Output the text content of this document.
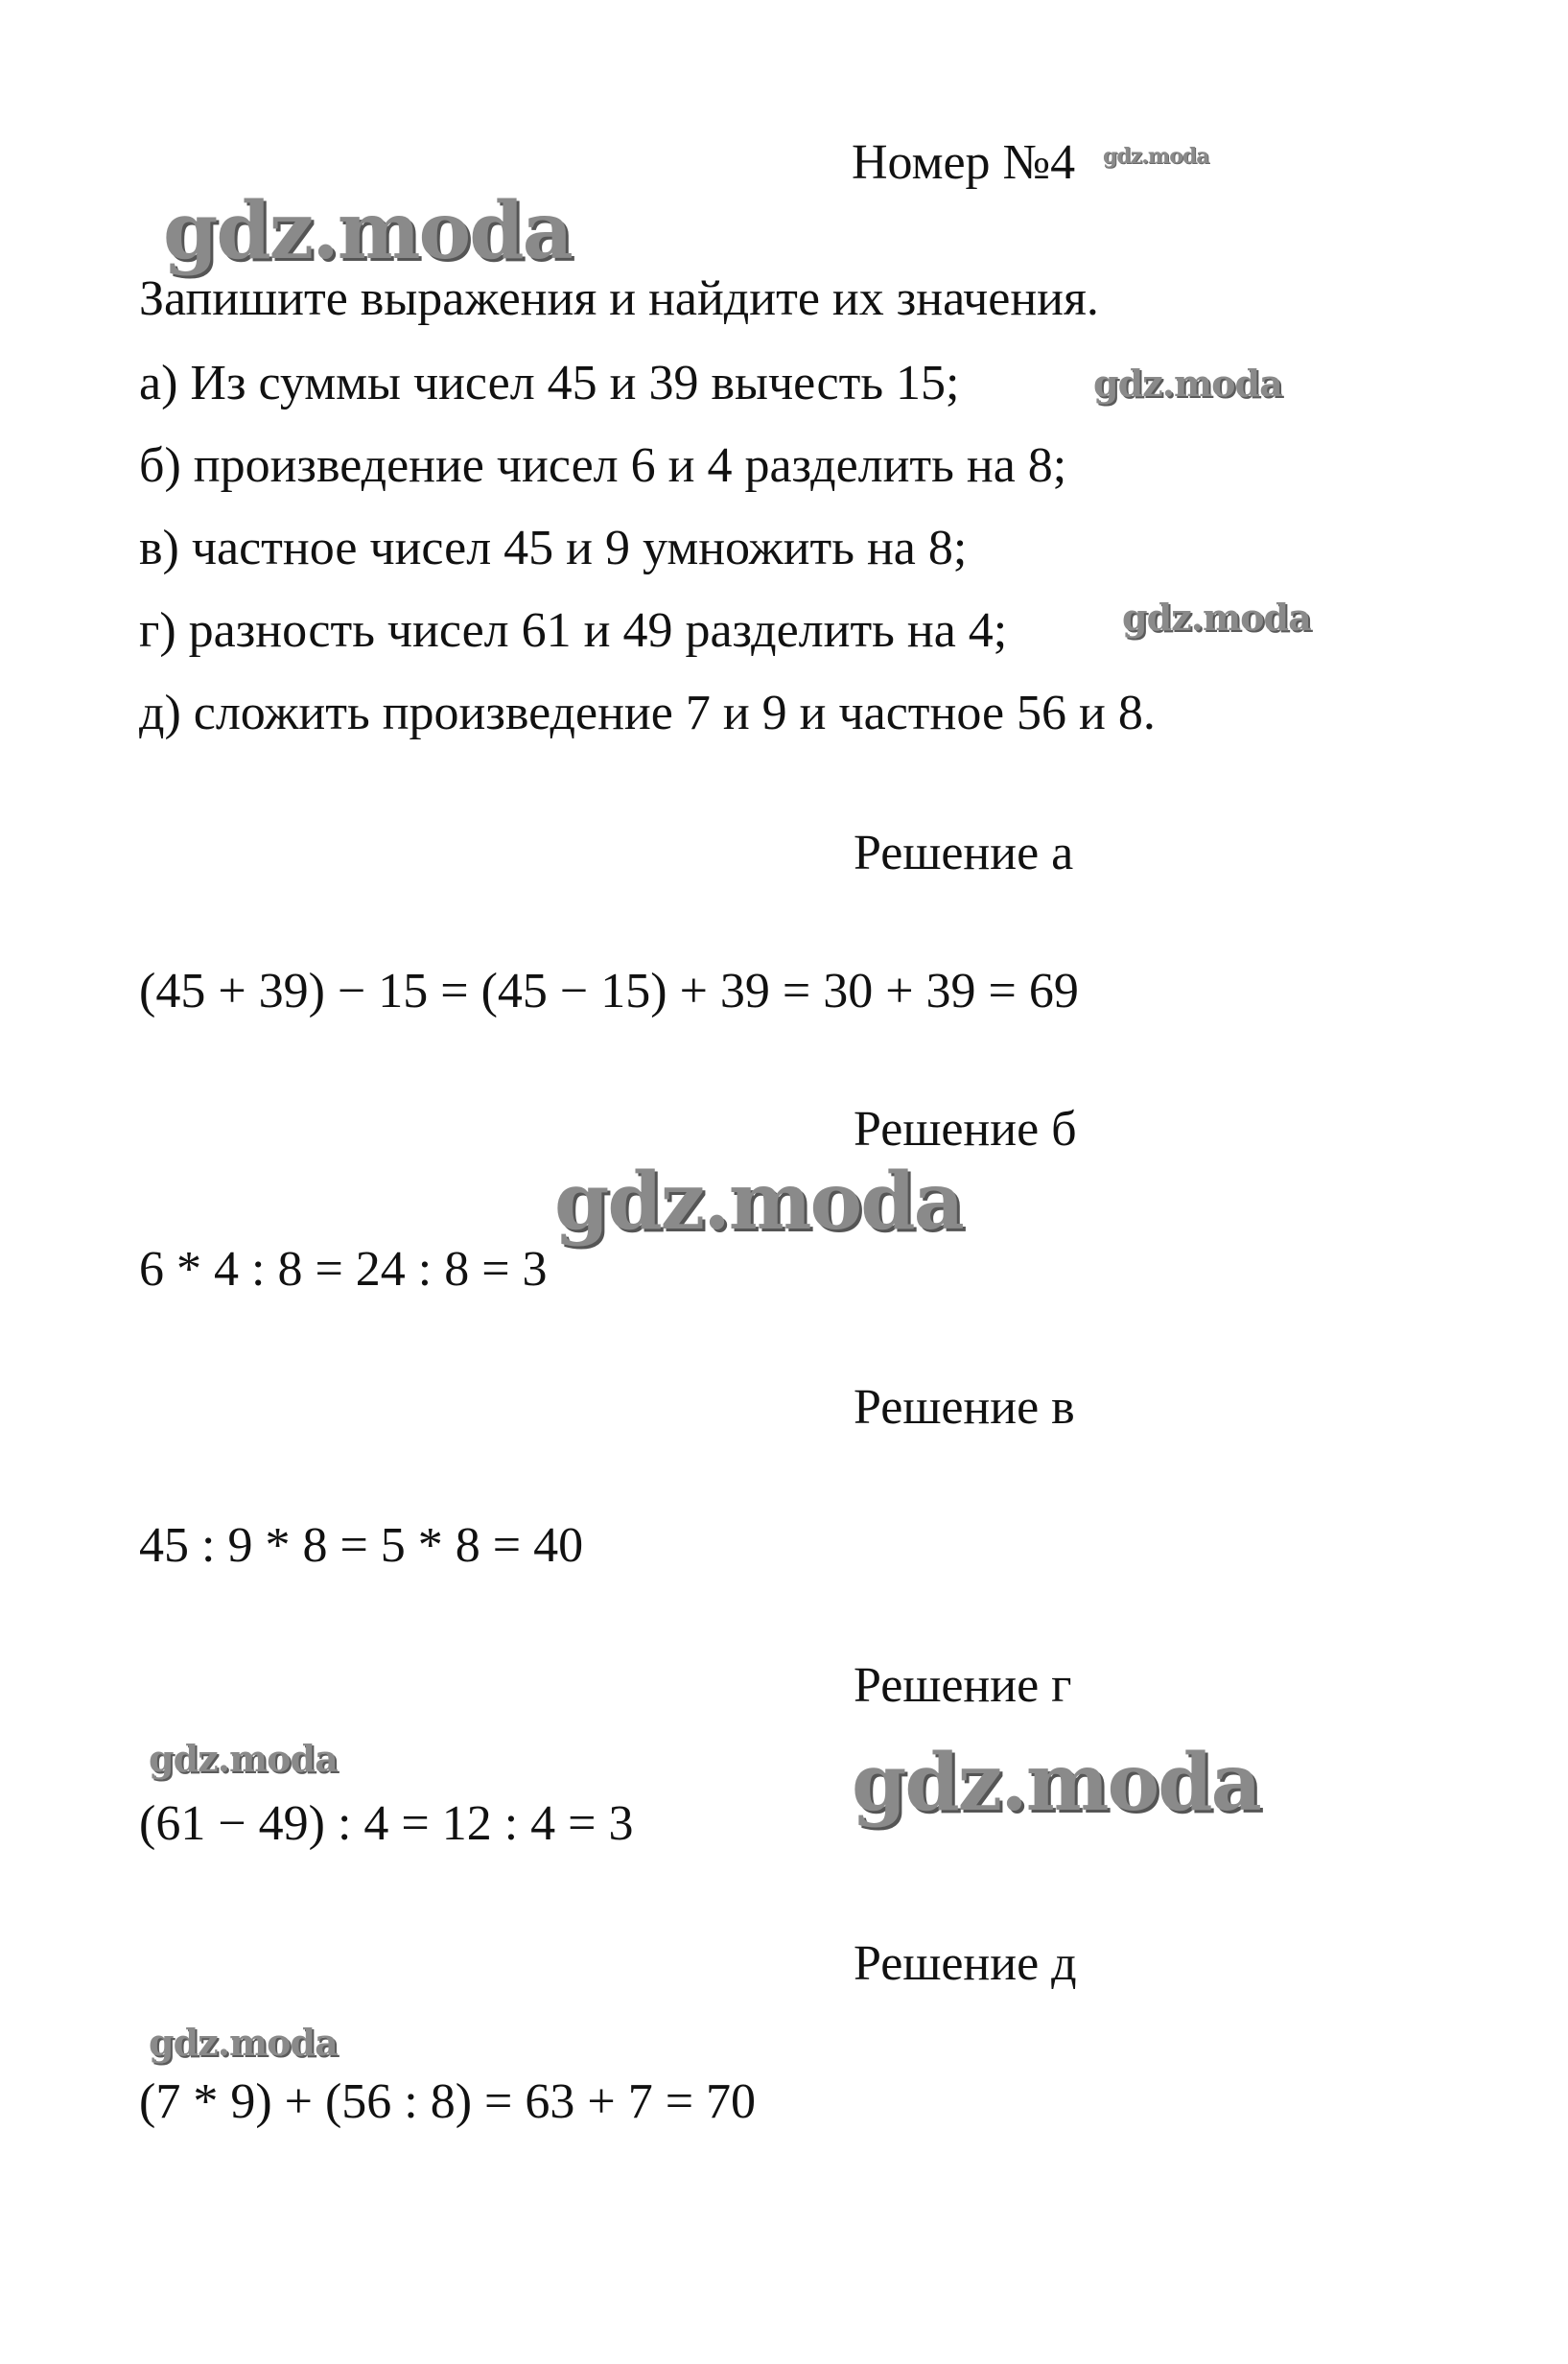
Номер №4
Запишите выражения и найдите их значения.
а) Из суммы чисел 45 и 39 вычесть 15;
б) произведение чисел 6 и 4 разделить на 8;
в) частное чисел 45 и 9 умножить на 8;
г) разность чисел 61 и 49 разделить на 4;
д) сложить произведение 7 и 9 и частное 56 и 8.
Решение а
(45 + 39) − 15 = (45 − 15) + 39 = 30 + 39 = 69
Решение б
6 * 4 : 8 = 24 : 8 = 3
Решение в
45 : 9 * 8 = 5 * 8 = 40
Решение г
(61 − 49) : 4 = 12 : 4 = 3
Решение д
(7 * 9) + (56 : 8) = 63 + 7 = 70
gdz.moda
gdz.moda
gdz.moda
gdz.moda
gdz.moda
gdz.moda	gdz.moda
gdz.moda
